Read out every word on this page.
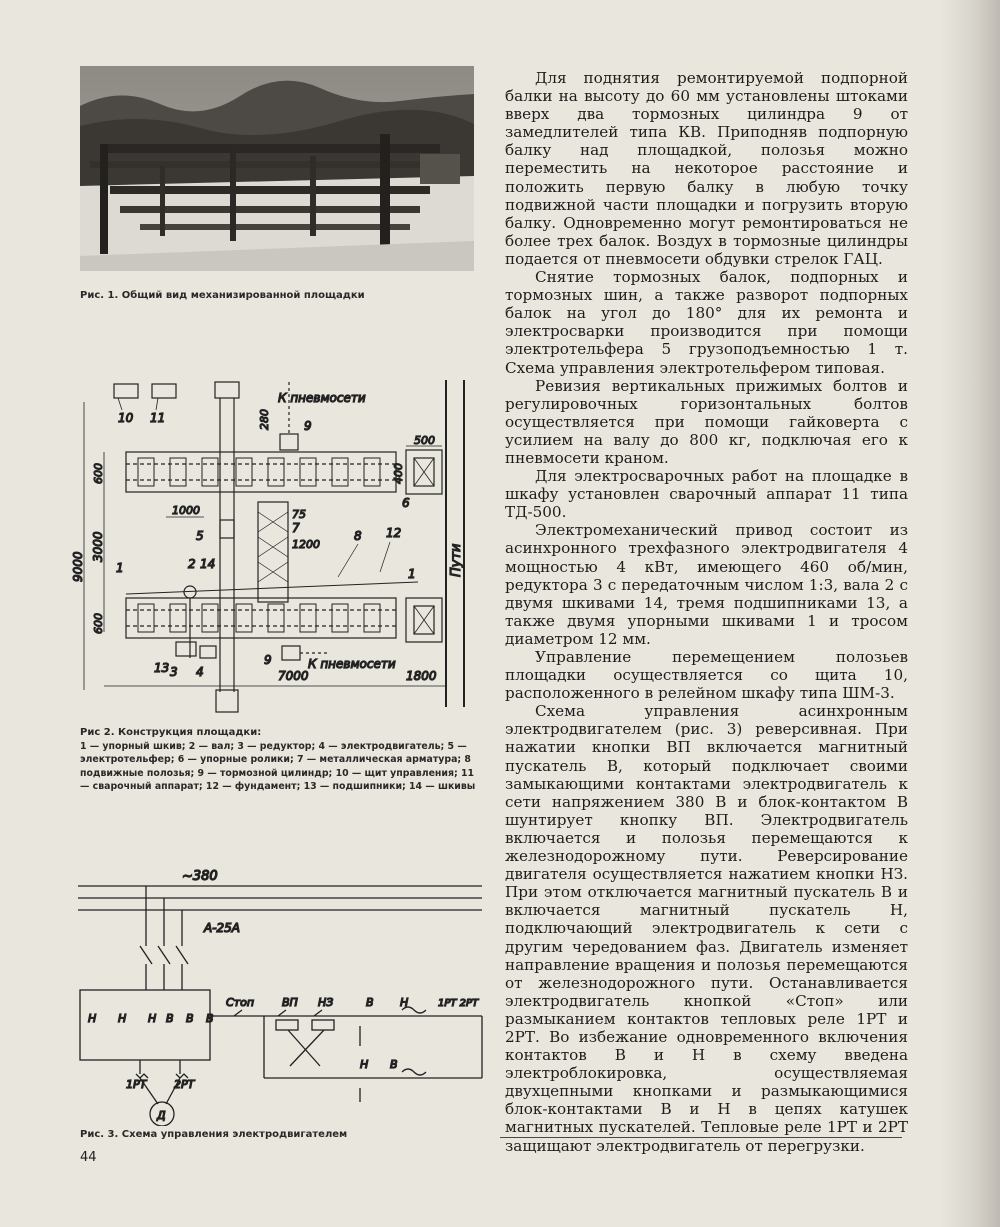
Рис. 1. Общий вид механизированной площадки
10 11
Пути
500
400
6
К пневмосети
280	9
9000
3000
600
600
1000
5
75
7
1200
8 12
1
1	2 14
13 3 4
9	К пневмосети
7000	1800
Рис 2. Конструкция площадки:
1 — упорный шкив; 2 — вал; 3 — редуктор; 4 — электродвигатель; 5 — электротельфер; 6 — упорные ролики; 7 — металлическая арматура; 8 подвижные полозья; 9 — тормозной цилиндр; 10 — щит управления; 11 — сварочный аппарат; 12 — фундамент; 13 — подшипники; 14 — шкивы
~380
А-25А
Н Н Н В В В
1РТ	2РТ
Д
Стоп	ВП НЗ	В Н	1РТ 2РТ
Н В
Рис. 3. Схема управления электродвигателем
44

Для поднятия ремонтируемой подпорной балки на высоту до 60 мм установлены штоками вверх два тормозных цилиндра 9 от замедлителей типа КВ. Приподняв подпорную балку над площадкой, полозья можно переместить на некоторое расстояние и положить первую балку в любую точку подвижной части площадки и погрузить вторую балку. Одновременно могут ремонтироваться не более трех балок. Воздух в тормозные цилиндры подается от пневмосети обдувки стрелок ГАЦ.

Снятие тормозных балок, подпорных и тормозных шин, а также разворот подпорных балок на угол до 180° для их ремонта и электросварки производится при помощи электротельфера 5 грузоподъемностью 1 т. Схема управления электротельфером типовая.

Ревизия вертикальных прижимых болтов и регулировочных горизонтальных болтов осуществляется при помощи гайковерта с усилием на валу до 800 кг, подключая его к пневмосети кранoм.

Для электросварочных работ на площадке в шкафу установлен сварочный аппарат 11 типа ТД-500.

Электромеханический привод состоит из асинхронного трехфазного электродвигателя 4 мощностью 4 кВт, имеющего 460 об/мин, редуктора 3 с передаточным числом 1:3, вала 2 с двумя шкивами 14, тремя подшипниками 13, а также двумя упорными шкивами 1 и тросом диаметром 12 мм.

Управление перемещением полозьев площадки осуществляется со щита 10, расположенного в релейном шкафу типа ШМ-3.

Схема управления асинхронным электродвигателем (рис. 3) реверсивная. При нажатии кнопки ВП включается магнитный пускатель В, который подключает своими замыкающими контактами электродвигатель к сети напряжением 380 В и блок-контактом В шунтирует кнопку ВП. Электродвигатель включается и полозья перемещаются к железнодорожному пути. Реверсирование двигателя осуществляется нажатием кнопки НЗ. При этом отключается магнитный пускатель В и включается магнитный пускатель Н, подключающий электродвигатель к сети с другим чередованием фаз. Двигатель изменяет направление вращения и полозья перемещаются от железнодорожного пути. Останавливается электродвигатель кнопкой «Стоп» или размыканием контактов тепловых реле 1РТ и 2РТ. Во избежание одновременного включения контактов В и Н в схему введена электроблокировка, осуществляемая двухцепными кнопками и размыкающимися блок-контактами В и Н в цепях катушек магнитных пускателей. Тепловые реле 1РТ и 2РТ защищают электродвигатель от перегрузки.
